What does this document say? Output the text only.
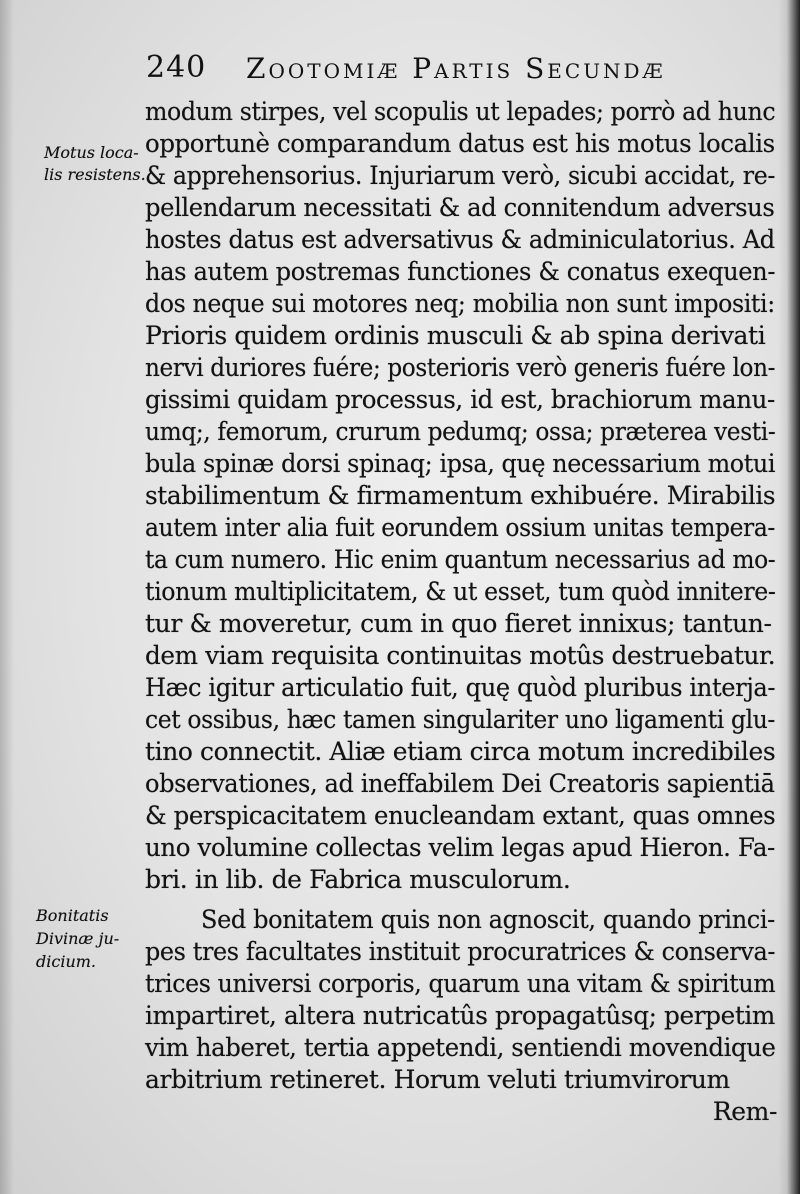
240 Zootomiæ Partis Secundæ
Motus loca-
lis resistens.
Bonitatis
Divinæ ju-
dicium.
modum stirpes, vel scopulis ut lepades; porrò ad hunc
opportunè comparandum datus est his motus localis
& apprehensorius. Injuriarum verò, sicubi accidat, re-
pellendarum necessitati & ad connitendum adversus
hostes datus est adversativus & adminiculatorius. Ad
has autem postremas functiones & conatus exequen-
dos neque sui motores neq; mobilia non sunt impositi:
Prioris quidem ordinis musculi & ab spina derivati
nervi duriores fuére; posterioris verò generis fuére lon-
gissimi quidam processus, id est, brachiorum manu-
umq;, femorum, crurum pedumq; ossa; præterea vesti-
bula spinæ dorsi spinaq; ipsa, quę necessarium motui
stabilimentum & firmamentum exhibuére. Mirabilis
autem inter alia fuit eorundem ossium unitas tempera-
ta cum numero. Hic enim quantum necessarius ad mo-
tionum multiplicitatem, & ut esset, tum quòd innitere-
tur & moveretur, cum in quo fieret innixus; tantun-
dem viam requisita continuitas motûs destruebatur.
Hæc igitur articulatio fuit, quę quòd pluribus interja-
cet ossibus, hæc tamen singulariter uno ligamenti glu-
tino connectit. Aliæ etiam circa motum incredibiles
observationes, ad ineffabilem Dei Creatoris sapientiā
& perspicacitatem enucleandam extant, quas omnes
uno volumine collectas velim legas apud Hieron. Fa-
bri. in lib. de Fabrica musculorum.
Sed bonitatem quis non agnoscit, quando princi-
pes tres facultates instituit procuratrices & conserva-
trices universi corporis, quarum una vitam & spiritum
impartiret, altera nutricatûs propagatûsq; perpetim
vim haberet, tertia appetendi, sentiendi movendique
arbitrium retineret. Horum veluti triumvirorum
Rem-
